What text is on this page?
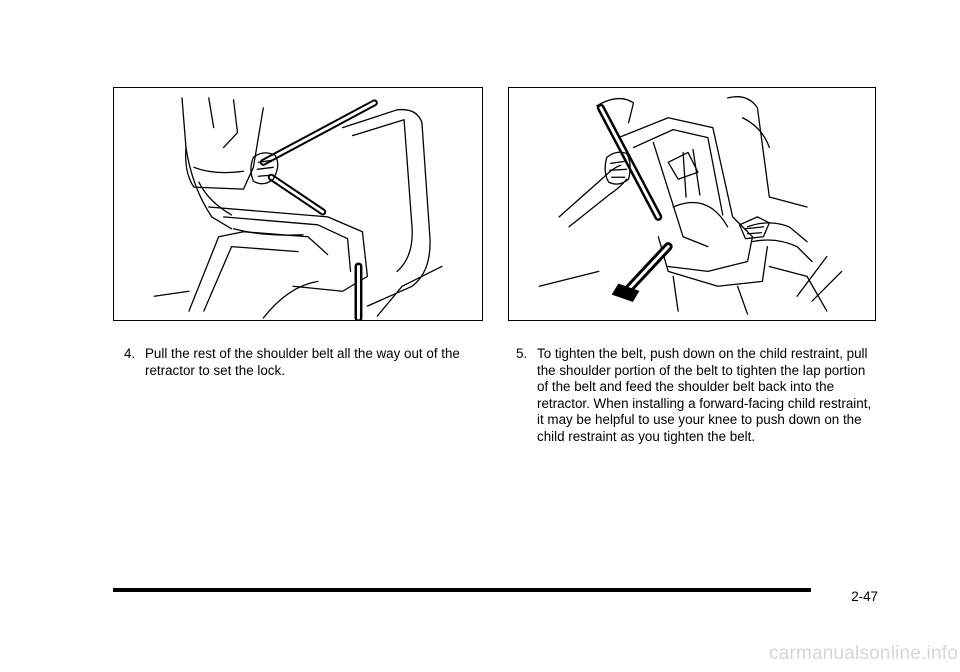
4. Pull the rest of the shoulder belt all the way out of the retractor to set the lock.
5. To tighten the belt, push down on the child restraint, pull the shoulder portion of the belt to tighten the lap portion of the belt and feed the shoulder belt back into the retractor. When installing a forward-facing child restraint, it may be helpful to use your knee to push down on the child restraint as you tighten the belt.
2-47
carmanualsonline.info
